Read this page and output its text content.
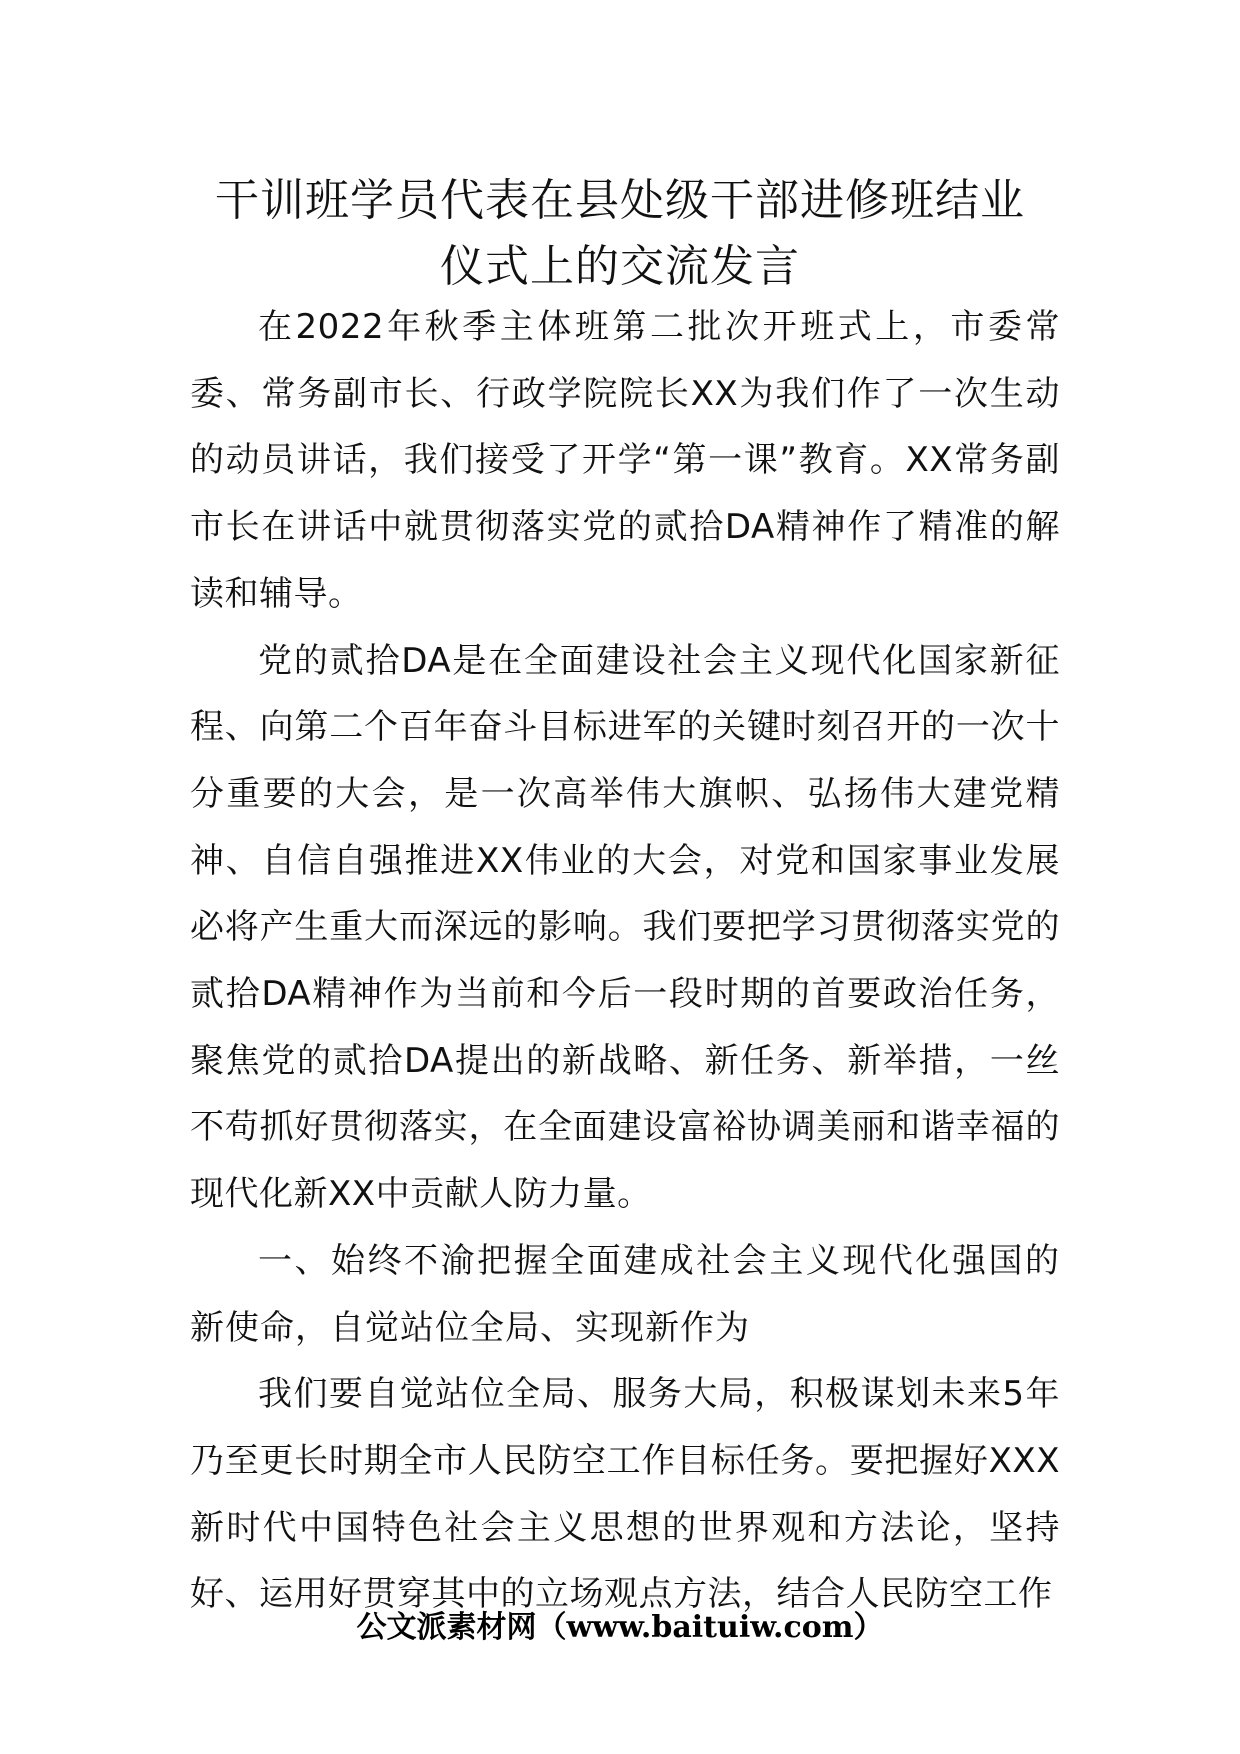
干训班学员代表在县处级干部进修班结业
仪式上的交流发言

在2022年秋季主体班第二批次开班式上，市委常委、常务副市长、行政学院院长XX为我们作了一次生动的动员讲话，我们接受了开学“第一课”教育。XX常务副市长在讲话中就贯彻落实党的贰拾DA精神作了精准的解读和辅导。

党的贰拾DA是在全面建设社会主义现代化国家新征程、向第二个百年奋斗目标进军的关键时刻召开的一次十分重要的大会，是一次高举伟大旗帜、弘扬伟大建党精神、自信自强推进XX伟业的大会，对党和国家事业发展必将产生重大而深远的影响。我们要把学习贯彻落实党的贰拾DA精神作为当前和今后一段时期的首要政治任务，聚焦党的贰拾DA提出的新战略、新任务、新举措，一丝不苟抓好贯彻落实，在全面建设富裕协调美丽和谐幸福的现代化新XX中贡献人防力量。

一、始终不渝把握全面建成社会主义现代化强国的新使命，自觉站位全局、实现新作为

我们要自觉站位全局、服务大局，积极谋划未来5年乃至更长时期全市人民防空工作目标任务。要把握好XXX新时代中国特色社会主义思想的世界观和方法论，坚持好、运用好贯穿其中的立场观点方法，结合人民防空工作

公文派素材网（www.baituiw.com）
